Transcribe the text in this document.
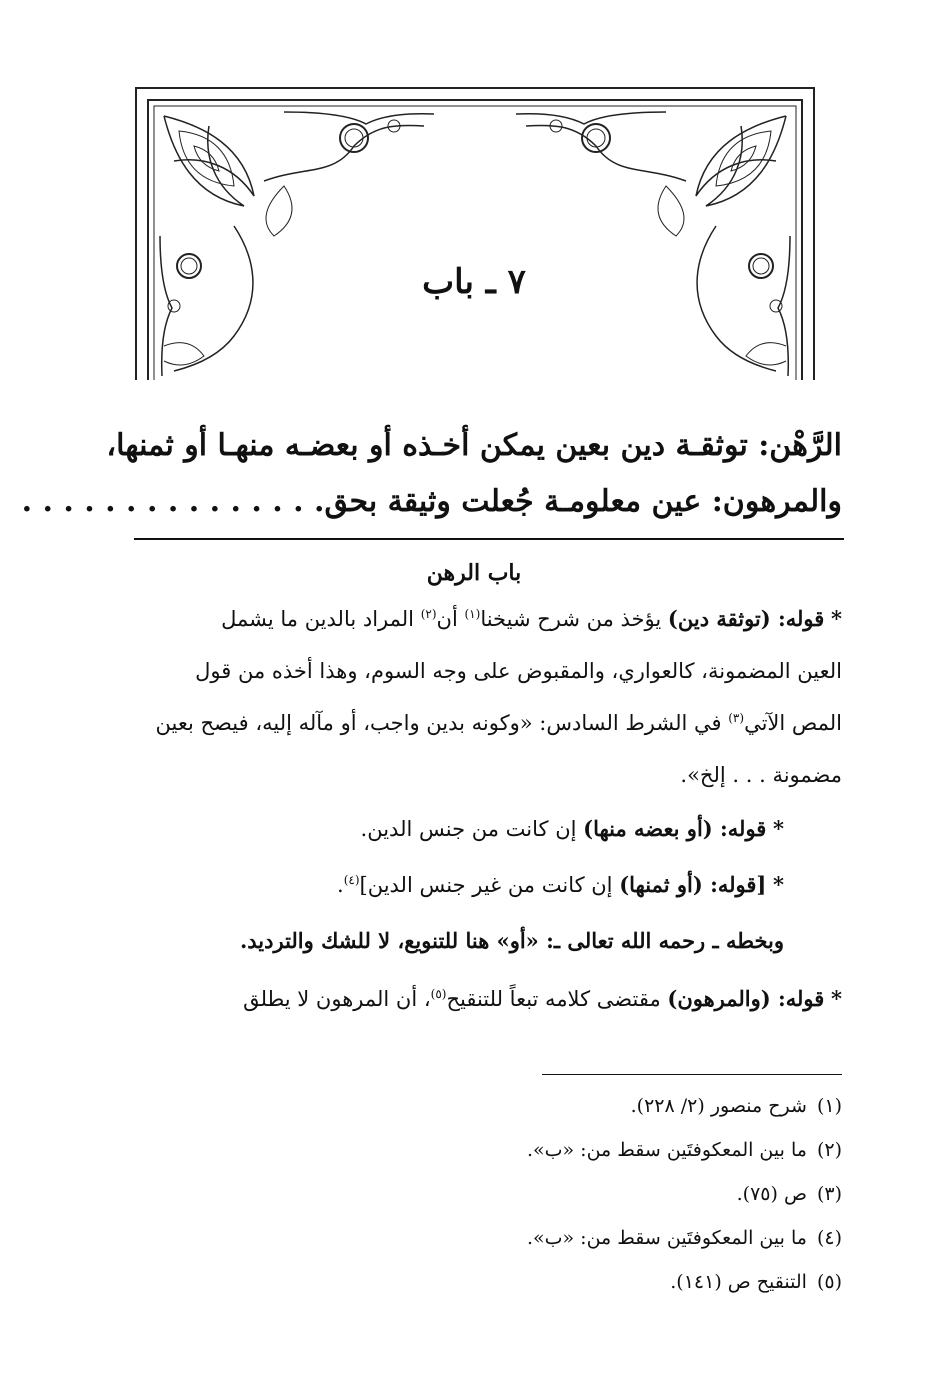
٧ ـ باب
الرَّهْن: توثقـة دين بعين يمكن أخـذه أو بعضـه منهـا أو ثمنها،
والمرهون: عين معلومـة جُعلت وثيقة بحق. . . . . . . . . . . . . . .
باب الرهن
* قوله: (توثقة دين) يؤخذ من شرح شيخنا$^{(١)}$ أن$^{(٢)}$ المراد بالدين ما يشمل
العين المضمونة، كالعواري، والمقبوض على وجه السوم، وهذا أخذه من قول
المص الآتي$^{(٣)}$ في الشرط السادس: «وكونه بدين واجب، أو مآله إليه، فيصح بعين
مضمونة . . . إلخ».
* قوله: (أو بعضه منها) إن كانت من جنس الدين.
* [قوله: (أو ثمنها) إن كانت من غير جنس الدين]$^{(٤)}$.
وبخطه ـ رحمه الله تعالى ـ: «أو» هنا للتنويع، لا للشك والترديد.
* قوله: (والمرهون) مقتضى كلامه تبعاً للتنقيح$^{(٥)}$، أن المرهون لا يطلق
(١)شرح منصور (٢/ ٢٢٨).
(٢)ما بين المعكوفتَين سقط من: «ب».
(٣)ص (٧٥).
(٤)ما بين المعكوفتَين سقط من: «ب».
(٥)التنقيح ص (١٤١).
